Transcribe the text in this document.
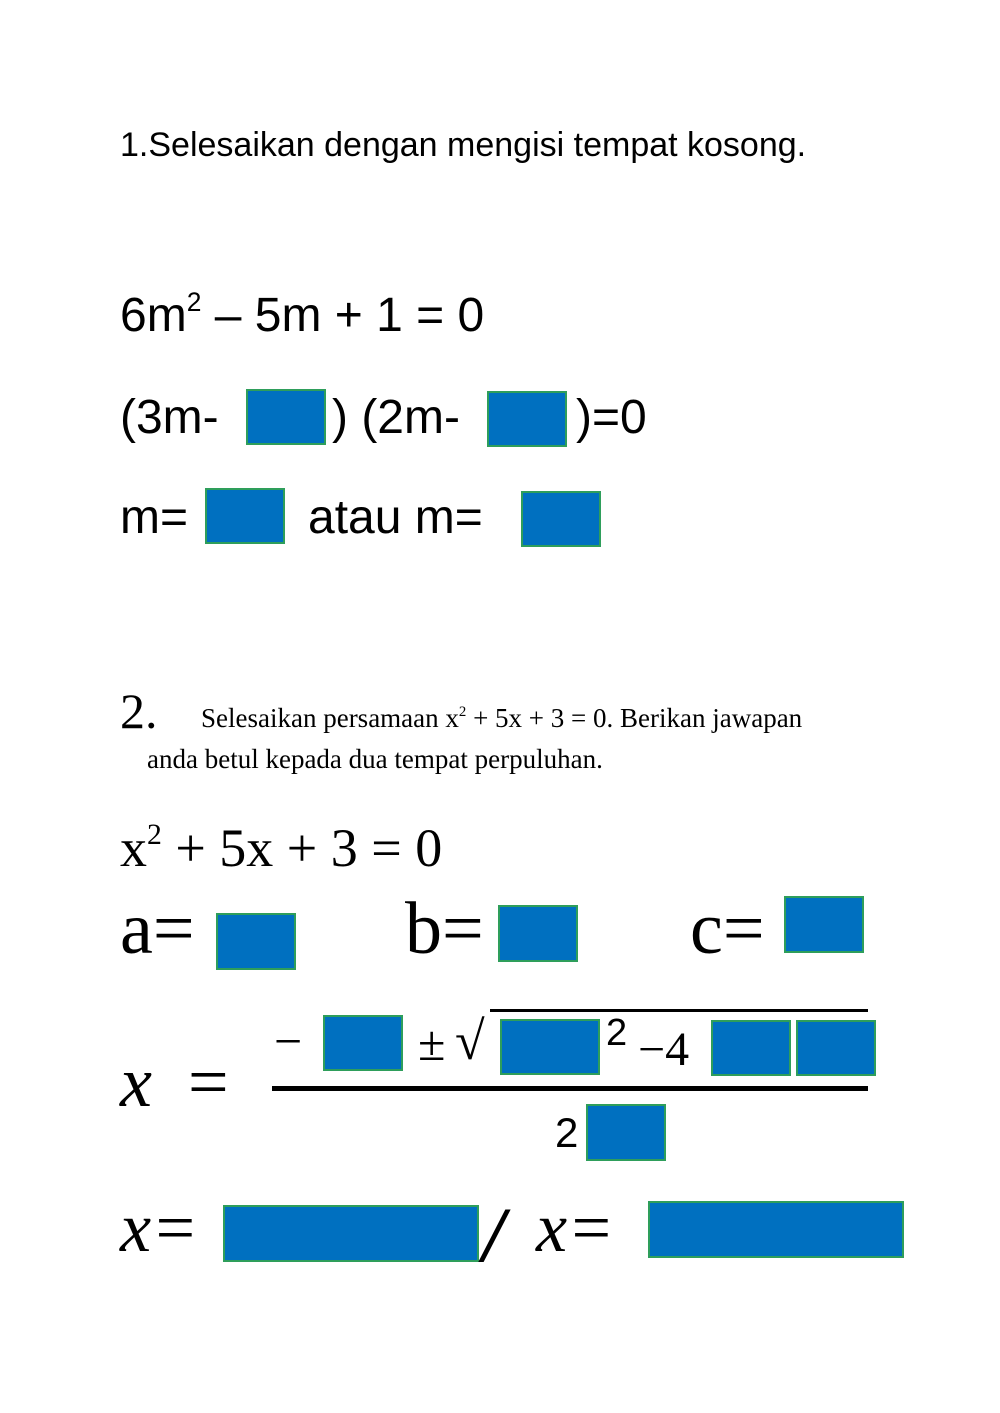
1.Selesaikan dengan mengisi tempat kosong.
$6m^2 - 5m + 1 = 0$
(3m- ) (2m- )=0
m= atau m=
2. Selesaikan persamaan $x^2 + 5x + 3 = 0$. Berikan jawapan
anda betul kepada dua tempat perpuluhan.
$x^2 + 5x + 3 = 0$
a=	b=	c=
x =
− ± √	2 −4
2
x=	/ x=
